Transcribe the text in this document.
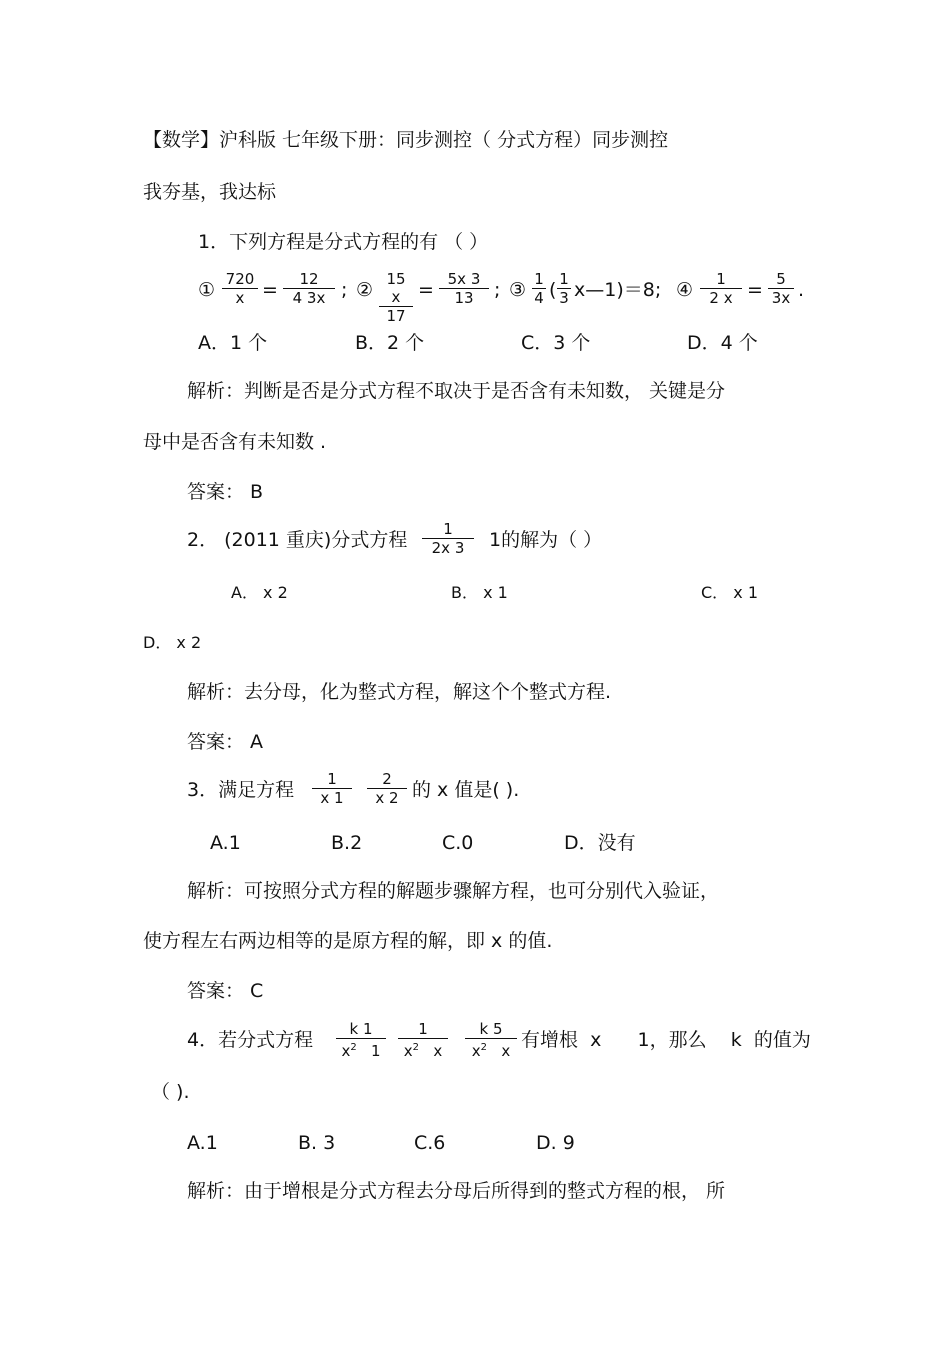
【数学】沪科版 七年级下册：同步测控（ 分式方程）同步测控
我夯基，我达标
1．下列方程是分式方程的有 （ ）
① 720
x =	12
4 3x ; ② 15 x
17
= 5x 3
13	; ③ 1
4 ( 1
3 x—1)＝8; ④	1
2 x = 5
3x .
A．1 个	B．2 个	C．3 个	D．4 个
解析：判断是否是分式方程不取决于是否含有未知数， 关键是分
母中是否含有未知数 .
答案： B
2． (2011 重庆)分式方程	1
2x 3	1的解为（ ）
A． x 2	B． x 1	C． x 1
D． x 2
解析：去分母，化为整式方程，解这个个整式方程.
答案： A
3．满足方程	1
x 1
2
x 2 的 x 值是( ).
A.1	B.2	C.0	D．没有
解析：可按照分式方程的解题步骤解方程，也可分别代入验证，
使方程左右两边相等的是原方程的解，即 x 的值.
答案： C
4．若分式方程	k 1
$x^2$   1
1
$x^2$   x
k 5
$x^2$   x 有增根  x      1，那么    k  的值为
（ ).
A.1	B. 3	C.6	D. 9
解析：由于增根是分式方程去分母后所得到的整式方程的根， 所
